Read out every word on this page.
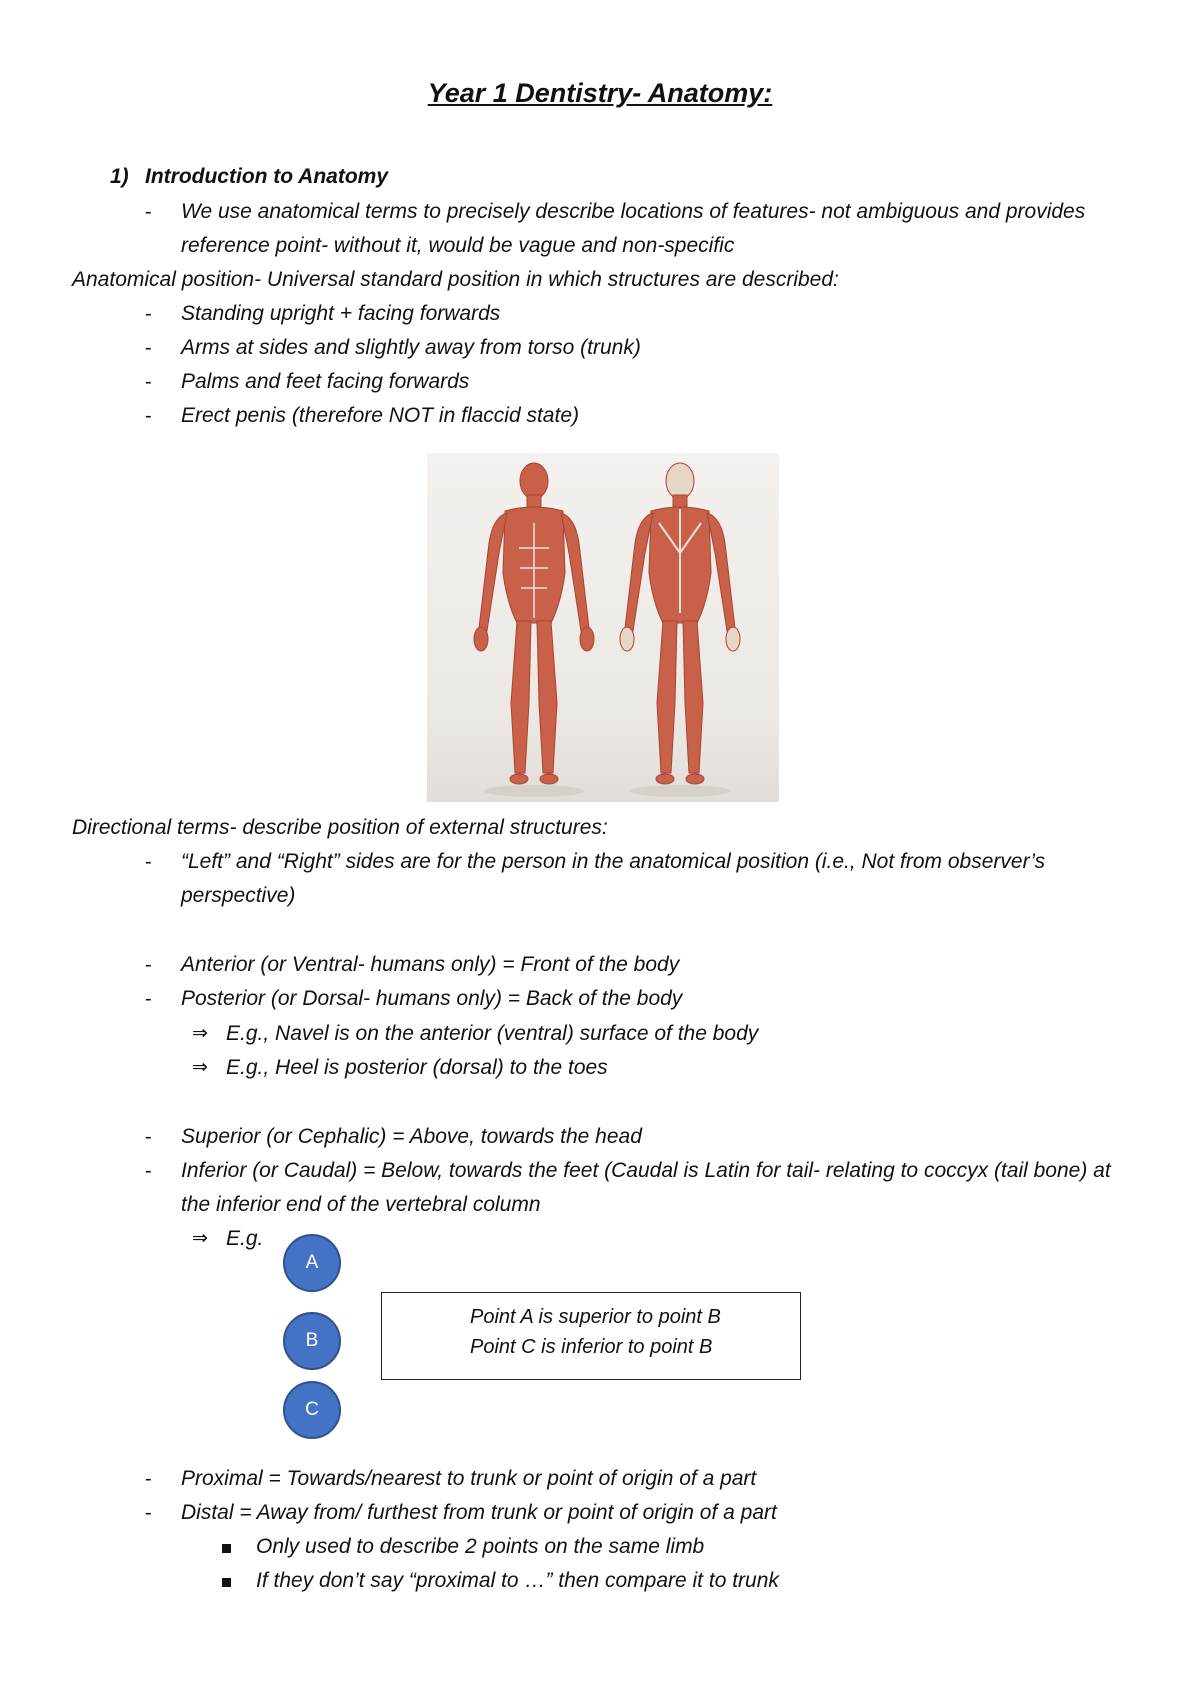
Year 1 Dentistry- Anatomy:
1) Introduction to Anatomy
- We use anatomical terms to precisely describe locations of features- not ambiguous and provides reference point- without it, would be vague and non-specific
Anatomical position- Universal standard position in which structures are described:
- Standing upright + facing forwards
- Arms at sides and slightly away from torso (trunk)
- Palms and feet facing forwards
- Erect penis (therefore NOT in flaccid state)
Directional terms- describe position of external structures:
- “Left” and “Right” sides are for the person in the anatomical position (i.e., Not from observer’s perspective)
- Anterior (or Ventral- humans only) = Front of the body
- Posterior (or Dorsal- humans only) = Back of the body
⇒ E.g., Navel is on the anterior (ventral) surface of the body
⇒ E.g., Heel is posterior (dorsal) to the toes
- Superior (or Cephalic) = Above, towards the head
- Inferior (or Caudal) = Below, towards the feet (Caudal is Latin for tail- relating to coccyx (tail bone) at the inferior end of the vertebral column
⇒ E.g.
A
B
C
Point A is superior to point B
Point C is inferior to point B
- Proximal = Towards/nearest to trunk or point of origin of a part
- Distal = Away from/ furthest from trunk or point of origin of a part
Only used to describe 2 points on the same limb
If they don’t say “proximal to …” then compare it to trunk
